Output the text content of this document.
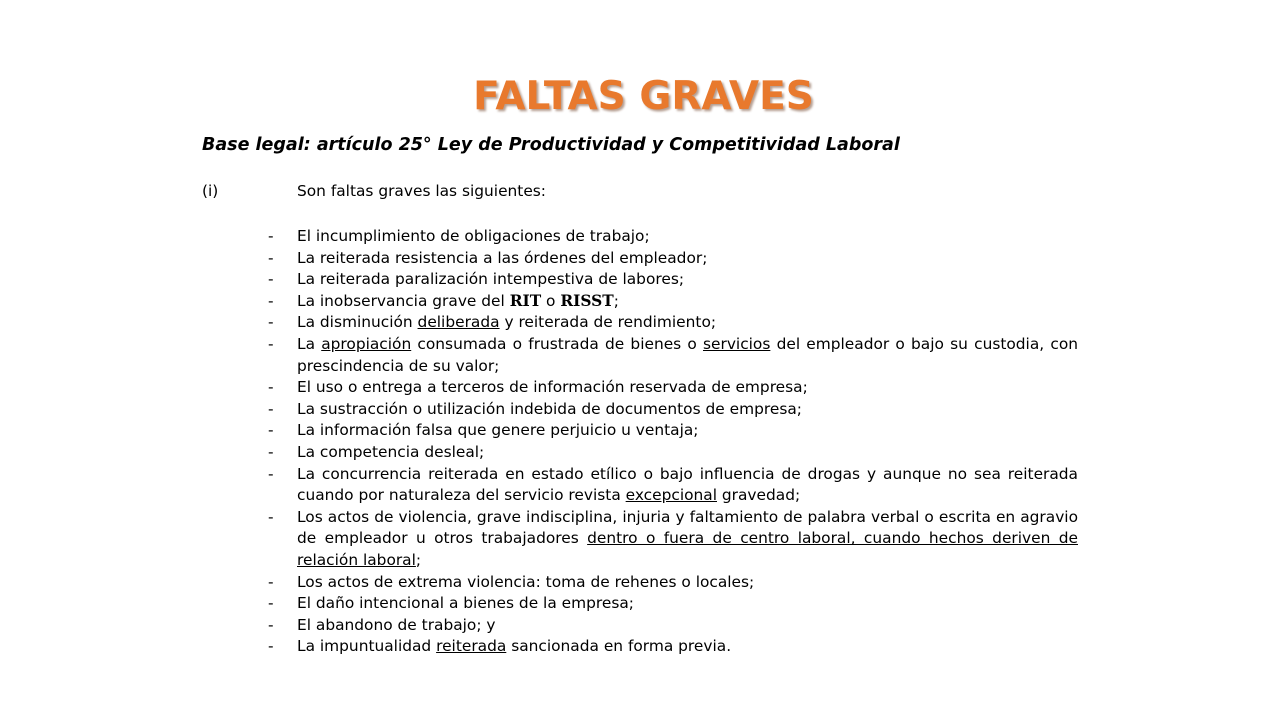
FALTAS GRAVES
Base legal: artículo 25° Ley de Productividad y Competitividad Laboral
(i)	Son faltas graves las siguientes:
- El incumplimiento de obligaciones de trabajo;
- La reiterada resistencia a las órdenes del empleador;
- La reiterada paralización intempestiva de labores;
- La inobservancia grave del RIT o RISST;
- La disminución deliberada y reiterada de rendimiento;
- La apropiación consumada o frustrada de bienes o servicios del empleador o bajo su custodia, con prescindencia de su valor;
- El uso o entrega a terceros de información reservada de empresa;
- La sustracción o utilización indebida de documentos de empresa;
- La información falsa que genere perjuicio u ventaja;
- La competencia desleal;
- La concurrencia reiterada en estado etílico o bajo influencia de drogas y aunque no sea reiterada cuando por naturaleza del servicio revista excepcional gravedad;
- Los actos de violencia, grave indisciplina, injuria y faltamiento de palabra verbal o escrita en agravio de empleador u otros trabajadores dentro o fuera de centro laboral, cuando hechos deriven de relación laboral;
- Los actos de extrema violencia: toma de rehenes o locales;
- El daño intencional a bienes de la empresa;
- El abandono de trabajo; y
- La impuntualidad reiterada sancionada en forma previa.
